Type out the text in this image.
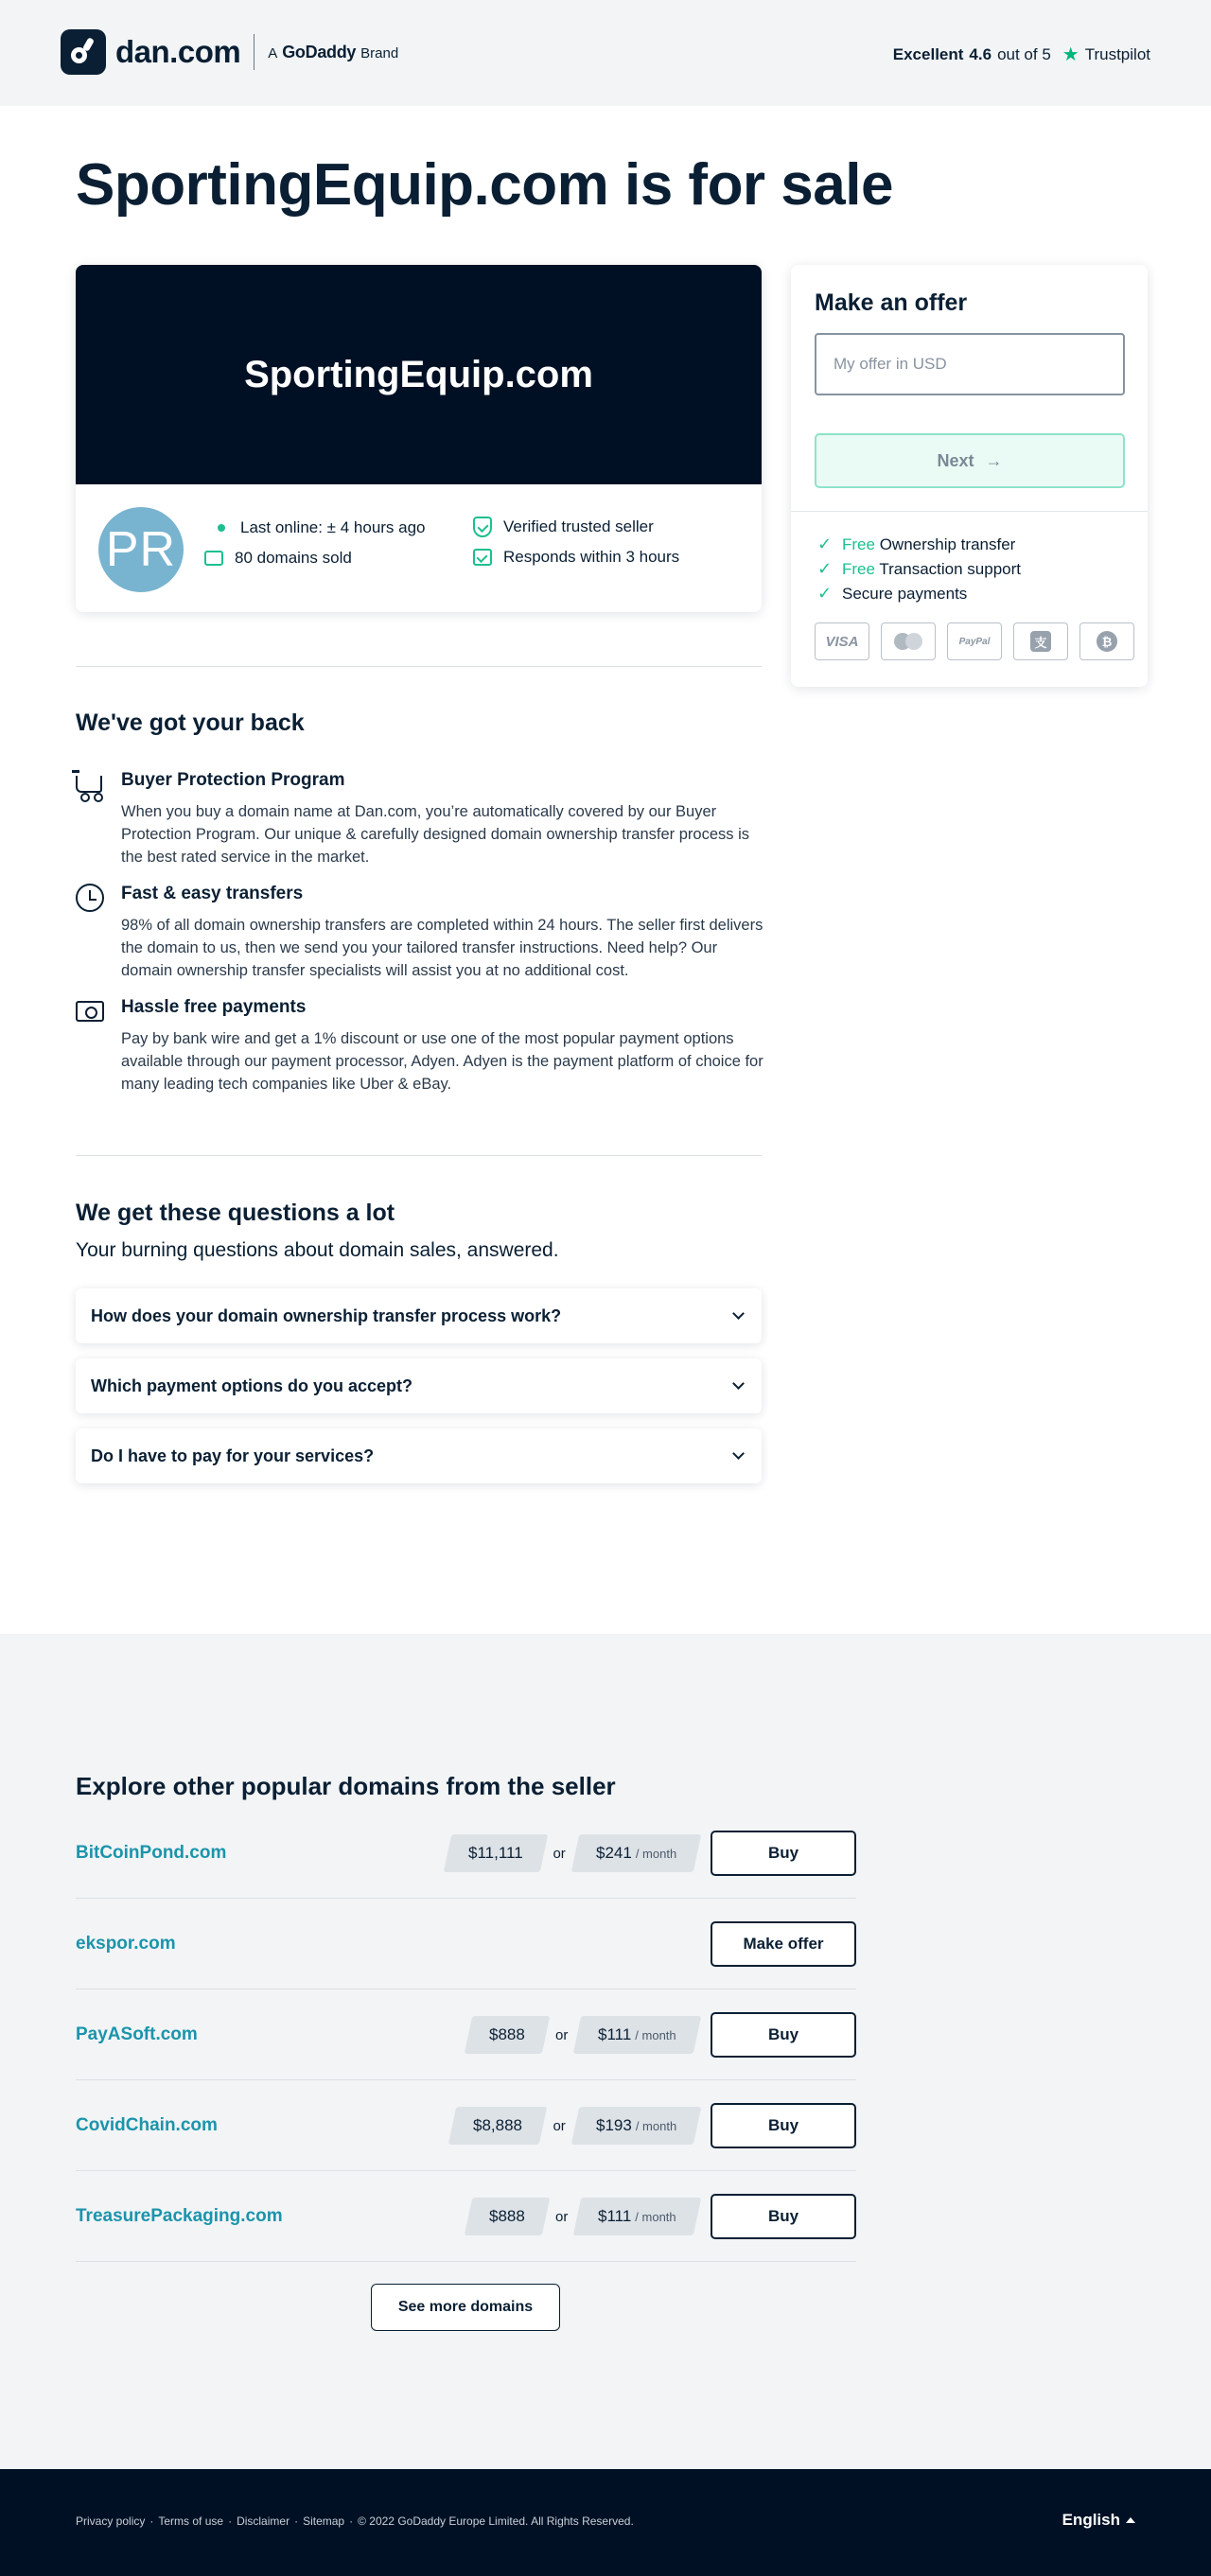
dan.com A GoDaddy Brand	Excellent 4.6 out of 5 ★ Trustpilot
SportingEquip.com is for sale
SportingEquip.com
PR	Last online: ± 4 hours ago
80 domains sold
Verified trusted seller
Responds within 3 hours
Make an offer
My offer in USD
Next →
✓ Free Ownership transfer
✓ Free Transaction support
✓ Secure payments
VISA	PayPal	支	₿
We've got your back
Buyer Protection Program

When you buy a domain name at Dan.com, you’re automatically covered by our Buyer Protection Program. Our unique & carefully designed domain ownership transfer process is the best rated service in the market.

Fast & easy transfers

98% of all domain ownership transfers are completed within 24 hours. The seller first delivers the domain to us, then we send you your tailored transfer instructions. Need help? Our domain ownership transfer specialists will assist you at no additional cost.

Hassle free payments

Pay by bank wire and get a 1% discount or use one of the most popular payment options available through our payment processor, Adyen. Adyen is the payment platform of choice for many leading tech companies like Uber & eBay.

We get these questions a lot
Your burning questions about domain sales, answered.
How does your domain ownership transfer process work?
Which payment options do you accept?
Do I have to pay for your services?
Explore other popular domains from the seller
BitCoinPond.com	$11,111 or $241 / month	Buy
ekspor.com	Make offer
PayASoft.com	$888 or $111 / month	Buy
CovidChain.com	$8,888 or $193 / month	Buy
TreasurePackaging.com	$888 or $111 / month	Buy
See more domains
Privacy policy · Terms of use · Disclaimer · Sitemap · © 2022 GoDaddy Europe Limited. All Rights Reserved.	English
